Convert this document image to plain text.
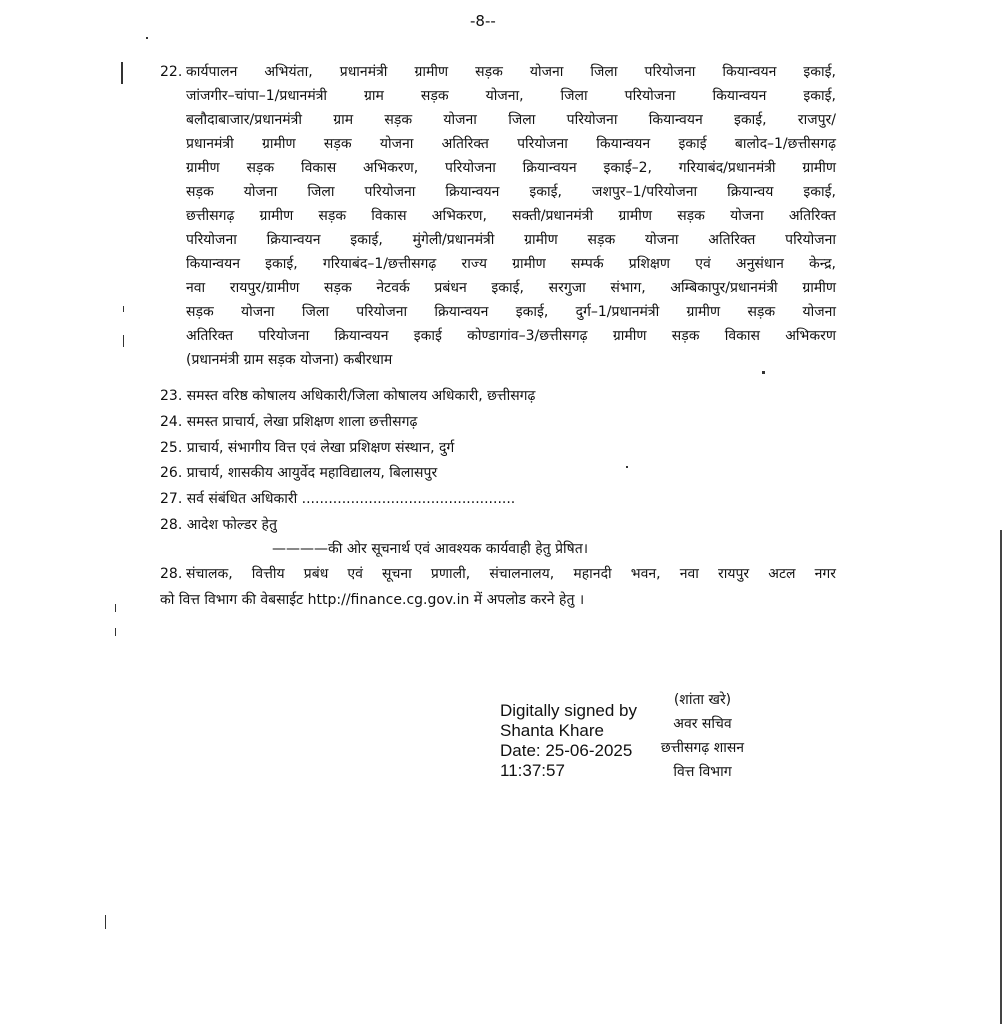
-8--
22. कार्यपालन अभियंता, प्रधानमंत्री ग्रामीण सड़क योजना जिला परियोजना कियान्वयन इकाई,
जांजगीर–चांपा–1/प्रधानमंत्री ग्राम सड़क योजना, जिला परियोजना कियान्वयन इकाई,
बलौदाबाजार/प्रधानमंत्री ग्राम सड़क योजना जिला परियोजना कियान्वयन इकाई, राजपुर/
प्रधानमंत्री ग्रामीण सड़क योजना अतिरिक्त परियोजना कियान्वयन इकाई बालोद–1/छत्तीसगढ़
ग्रामीण सड़क विकास अभिकरण, परियोजना क्रियान्वयन इकाई–2, गरियाबंद/प्रधानमंत्री ग्रामीण
सड़क योजना जिला परियोजना क्रियान्वयन इकाई, जशपुर–1/परियोजना क्रियान्वय इकाई,
छत्तीसगढ़ ग्रामीण सड़क विकास अभिकरण, सक्ती/प्रधानमंत्री ग्रामीण सड़क योजना अतिरिक्त
परियोजना क्रियान्वयन इकाई, मुंगेली/प्रधानमंत्री ग्रामीण सड़क योजना अतिरिक्त परियोजना
कियान्वयन इकाई, गरियाबंद–1/छत्तीसगढ़ राज्य ग्रामीण सम्पर्क प्रशिक्षण एवं अनुसंधान केन्द्र,
नवा रायपुर/ग्रामीण सड़क नेटवर्क प्रबंधन इकाई, सरगुजा संभाग, अम्बिकापुर/प्रधानमंत्री ग्रामीण
सड़क योजना जिला परियोजना क्रियान्वयन इकाई, दुर्ग–1/प्रधानमंत्री ग्रामीण सड़क योजना
अतिरिक्त परियोजना क्रियान्वयन इकाई कोण्डागांव–3/छत्तीसगढ़ ग्रामीण सड़क विकास अभिकरण
(प्रधानमंत्री ग्राम सड़क योजना) कबीरधाम
23. समस्त वरिष्ठ कोषालय अधिकारी/जिला कोषालय अधिकारी, छत्तीसगढ़
24. समस्त प्राचार्य, लेखा प्रशिक्षण शाला छत्तीसगढ़
25. प्राचार्य, संभागीय वित्त एवं लेखा प्रशिक्षण संस्थान, दुर्ग
26. प्राचार्य, शासकीय आयुर्वेद महाविद्यालय, बिलासपुर
27. सर्व संबंधित अधिकारी ................................................
28. आदेश फोल्डर हेतु
————की ओर सूचनार्थ एवं आवश्यक कार्यवाही हेतु प्रेषित।
28. संचालक, वित्तीय प्रबंध एवं सूचना प्रणाली, संचालनालय, महानदी भवन, नवा रायपुर अटल नगर
को वित्त विभाग की वेबसाईट http://finance.cg.gov.in में अपलोड करने हेतु ।
Digitally signed by
Shanta Khare
Date: 25-06-2025
11:37:57
(शांता खरे)
अवर सचिव
छत्तीसगढ़ शासन
वित्त विभाग
